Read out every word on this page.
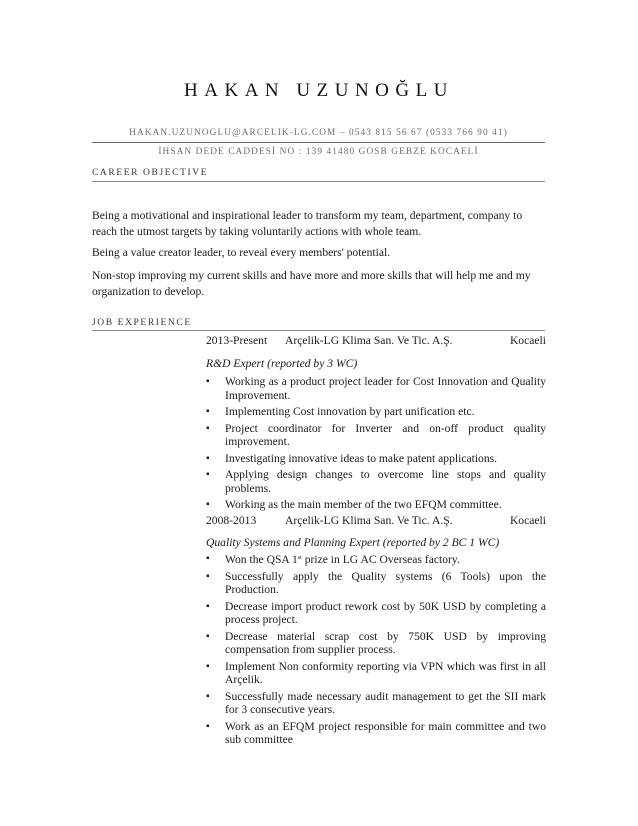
HAKAN UZUNOĞLU
HAKAN.UZUNOGLU@ARCELIK-LG.COM – 0543 815 56 67 (0533 766 90 41)
İHSAN DEDE CADDESİ NO : 139 41480 GOSB GEBZE KOCAELİ
CAREER OBJECTIVE

Being a motivational and inspirational leader to transform my team, department, company to reach the utmost targets by taking voluntarily actions with whole team.

Being a value creator leader, to reveal every members' potential.

Non-stop improving my current skills and have more and more skills that will help me and my organization to develop.

JOB EXPERIENCE
2013-Present Arçelik-LG Klima San. Ve Tic. A.Ş.	Kocaeli
R&D Expert (reported by 3 WC)
▪ Working as a product project leader for Cost Innovation and Quality Improvement.
▪ Implementing Cost innovation by part unification etc.
▪ Project coordinator for Inverter and on-off product quality improvement.
▪ Investigating innovative ideas to make patent applications.
▪ Applying design changes to overcome line stops and quality problems.
▪ Working as the main member of the two EFQM committee.
2008-2013 Arçelik-LG Klima San. Ve Tic. A.Ş.	Kocaeli
Quality Systems and Planning Expert (reported by 2 BC 1 WC)
▪ Won the QSA 1st prize in LG AC Overseas factory.
▪ Successfully apply the Quality systems (6 Tools) upon the Production.
▪ Decrease import product rework cost by 50K USD by completing a process project.
▪ Decrease material scrap cost by 750K USD by improving compensation from supplier process.
▪ Implement Non conformity reporting via VPN which was first in all Arçelik.
▪ Successfully made necessary audit management to get the SII mark for 3 consecutive years.
▪ Work as an EFQM project responsible for main committee and two sub committee
